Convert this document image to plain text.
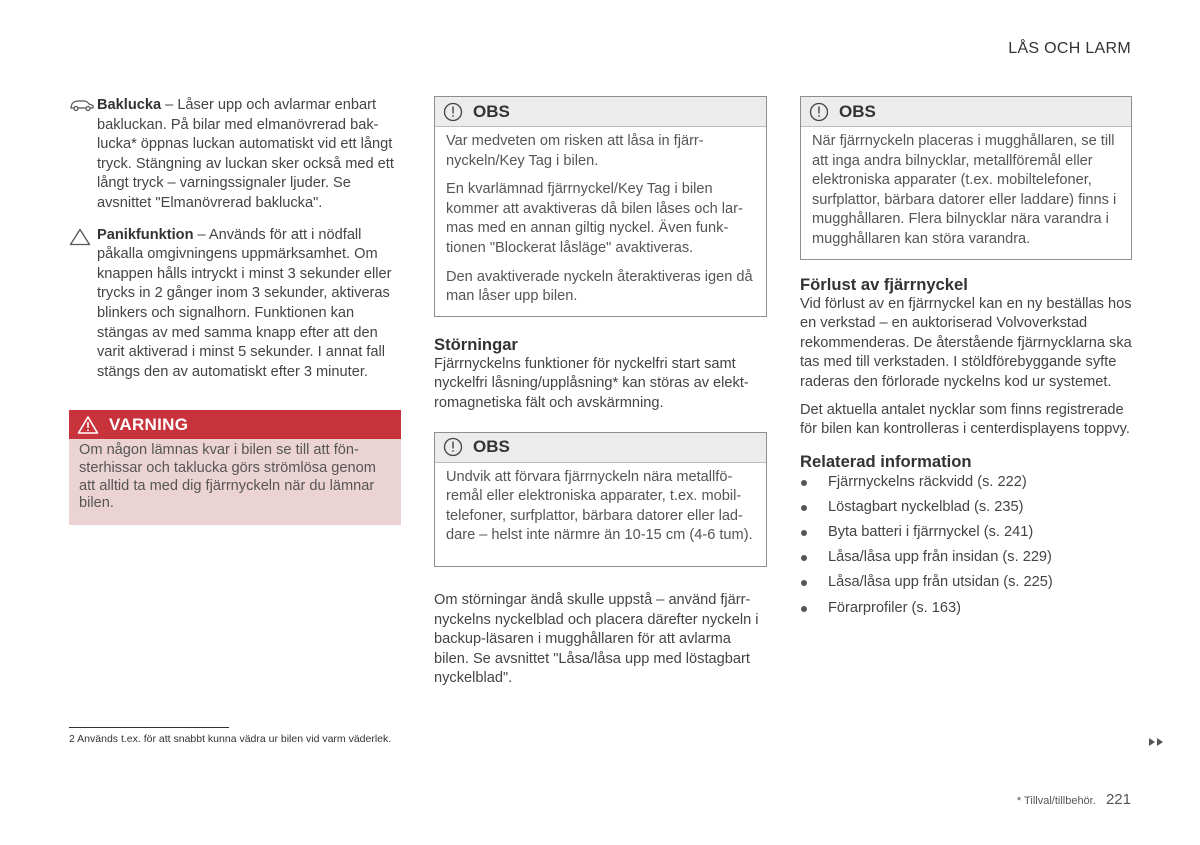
LÅS OCH LARM
Baklucka – Låser upp och avlarmar enbart bakluckan. På bilar med elmanövrerad baklucka* öppnas luckan automatiskt vid ett långt tryck. Stängning av luckan sker också med ett långt tryck – varningssignaler ljuder. Se avsnittet "Elmanövrerad baklucka".
Panikfunktion – Används för att i nödfall påkalla omgivningens uppmärksamhet. Om knappen hålls intryckt i minst 3 sekunder eller trycks in 2 gånger inom 3 sekunder, aktiveras blinkers och signalhorn. Funktionen kan stängas av med samma knapp efter att den varit aktiverad i minst 5 sekunder. I annat fall stängs den av automatiskt efter 3 minuter.
VARNING
Om någon lämnas kvar i bilen se till att fönsterhissar och taklucka görs strömlösa genom att alltid ta med dig fjärrnyckeln när du lämnar bilen.
OBS

Var medveten om risken att låsa in fjärrnyckeln/Key Tag i bilen.

En kvarlämnad fjärrnyckel/Key Tag i bilen kommer att avaktiveras då bilen låses och larmas med en annan giltig nyckel. Även funktionen "Blockerat låsläge" avaktiveras.

Den avaktiverade nyckeln återaktiveras igen då man låser upp bilen.

Störningar

Fjärrnyckelns funktioner för nyckelfri start samt nyckelfri låsning/upplåsning* kan störas av elektromagnetiska fält och avskärmning.

OBS

Undvik att förvara fjärrnyckeln nära metallföremål eller elektroniska apparater, t.ex. mobiltelefoner, surfplattor, bärbara datorer eller laddare – helst inte närmre än 10-15 cm (4-6 tum).

Om störningar ändå skulle uppstå – använd fjärrnyckelns nyckelblad och placera därefter nyckeln i backup-läsaren i mugghållaren för att avlarma bilen. Se avsnittet "Låsa/låsa upp med löstagbart nyckelblad".

OBS

När fjärrnyckeln placeras i mugghållaren, se till att inga andra bilnycklar, metallföremål eller elektroniska apparater (t.ex. mobiltelefoner, surfplattor, bärbara datorer eller laddare) finns i mugghållaren. Flera bilnycklar nära varandra i mugghållaren kan störa varandra.

Förlust av fjärrnyckel

Vid förlust av en fjärrnyckel kan en ny beställas hos en verkstad – en auktoriserad Volvoverkstad rekommenderas. De återstående fjärrnycklarna ska tas med till verkstaden. I stöldförebyggande syfte raderas den förlorade nyckelns kod ur systemet.

Det aktuella antalet nycklar som finns registrerade för bilen kan kontrolleras i centerdisplayens toppvy.

Relaterad information
Fjärrnyckelns räckvidd (s. 222)
Löstagbart nyckelblad (s. 235)
Byta batteri i fjärrnyckel (s. 241)
Låsa/låsa upp från insidan (s. 229)
Låsa/låsa upp från utsidan (s. 225)
Förarprofiler (s. 163)
2 Används t.ex. för att snabbt kunna vädra ur bilen vid varm väderlek.
* Tillval/tillbehör. 221
